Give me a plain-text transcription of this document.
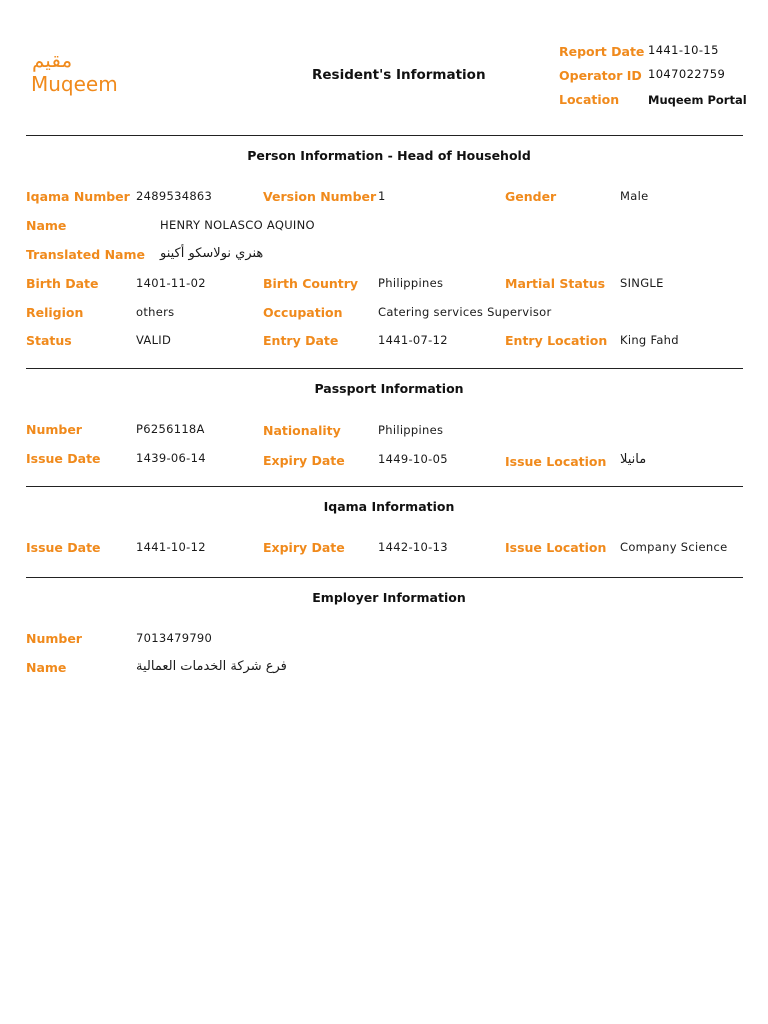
مقيم
Muqeem	Resident's Information
Report Date 1441-10-15
Operator ID 1047022759
Location	Muqeem Portal
Person Information - Head of Household
Iqama Number 2489534863	Version Number 1	Gender	Male
Name	HENRY NOLASCO AQUINO
Translated Name هنري نولاسكو أكينو
Birth Date	1401-11-02	Birth Country Philippines	Martial Status SINGLE
Religion	others	Occupation	Catering services Supervisor
Status	VALID	Entry Date	1441-07-12	Entry Location King Fahd
Passport Information
Number	P6256118A	Nationality	Philippines
Issue Date	1439-06-14	Expiry Date	1449-10-05	Issue Location مانيلا
Iqama Information
Issue Date	1441-10-12	Expiry Date	1442-10-13	Issue Location Company Science
Employer Information
Number	7013479790
Name	فرع شركة الخدمات العمالية
